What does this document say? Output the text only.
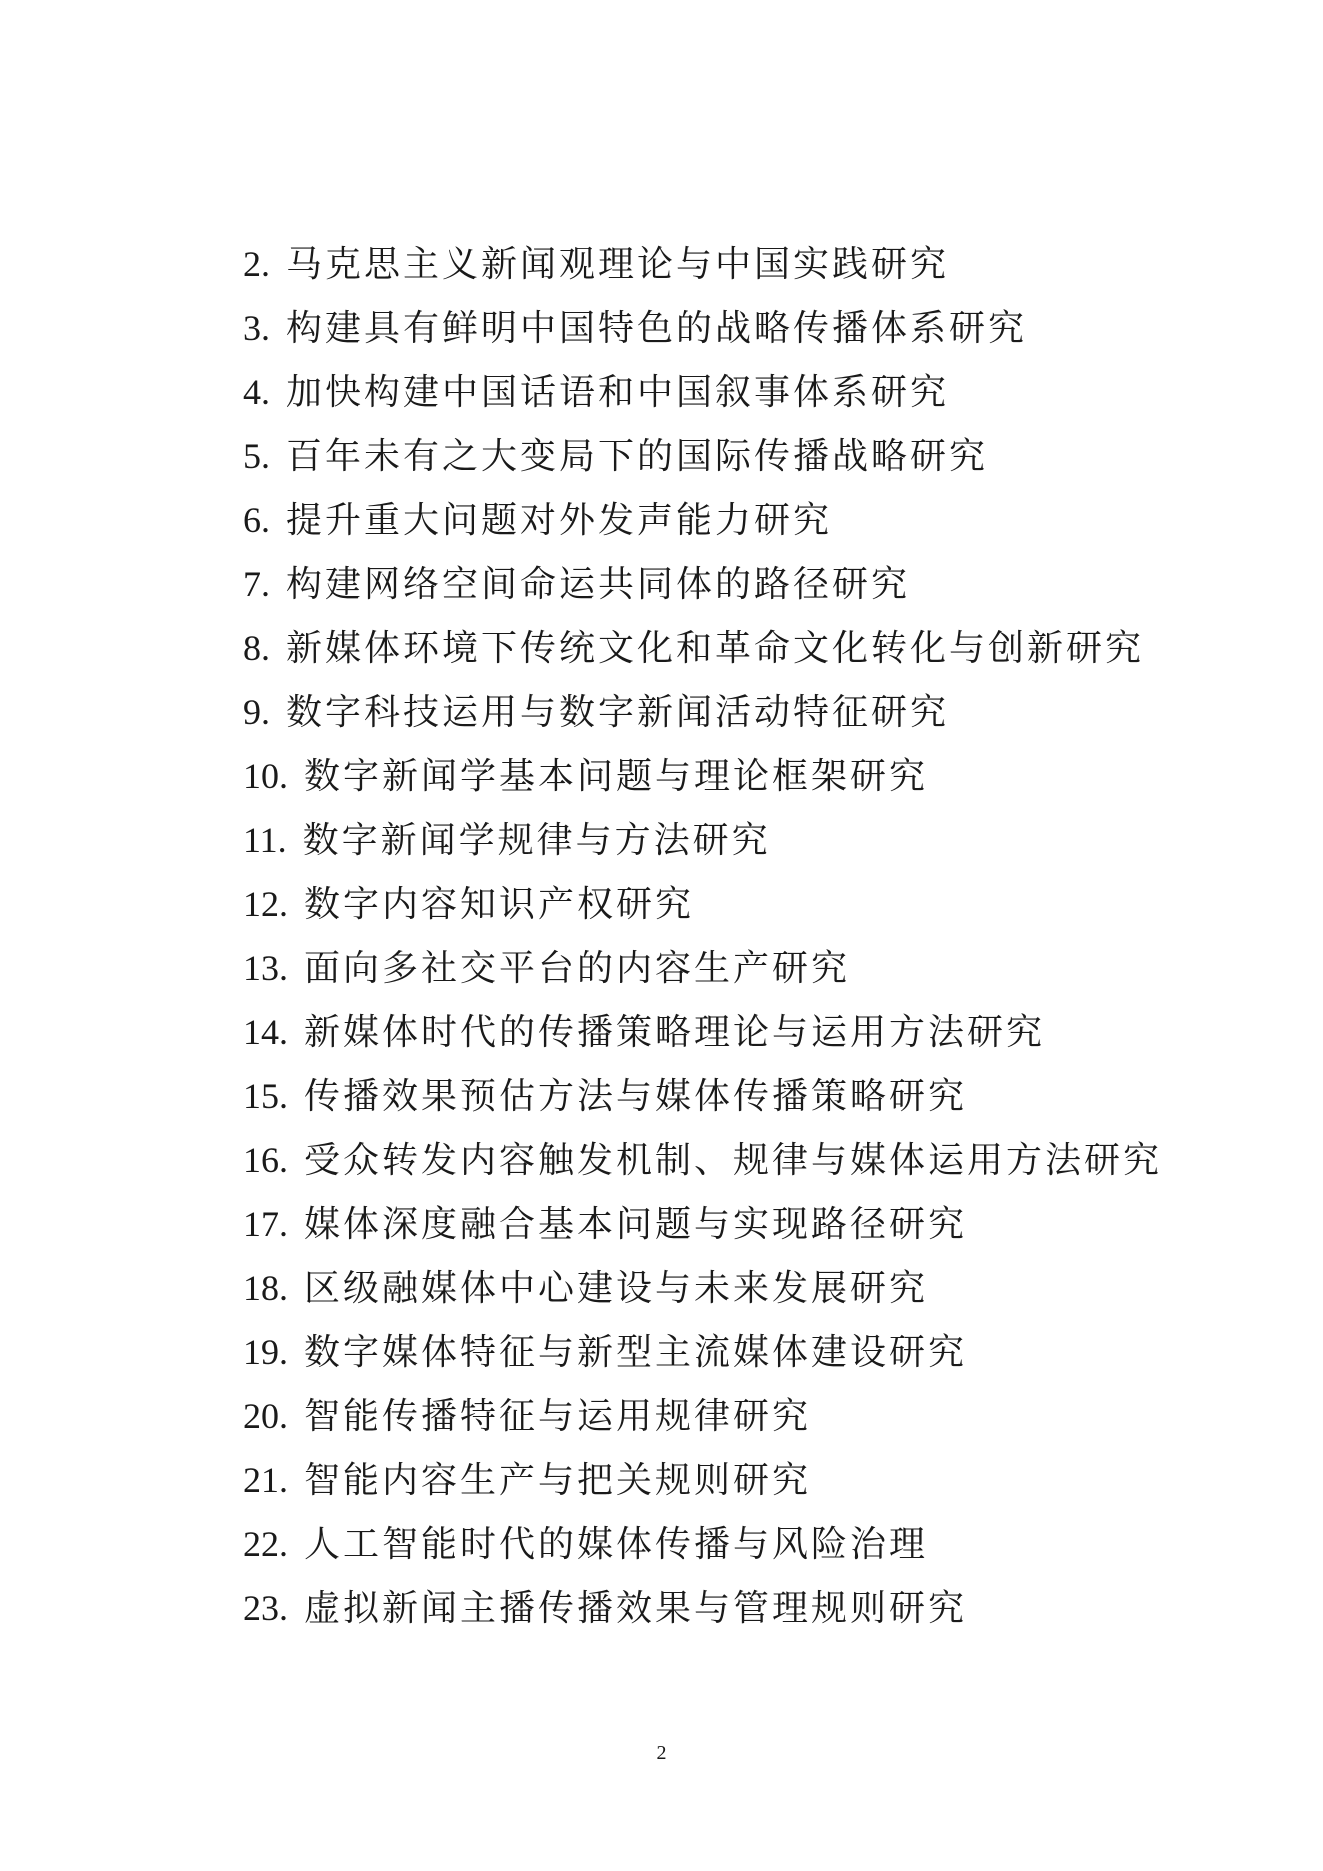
2. 马克思主义新闻观理论与中国实践研究
3. 构建具有鲜明中国特色的战略传播体系研究
4. 加快构建中国话语和中国叙事体系研究
5. 百年未有之大变局下的国际传播战略研究
6. 提升重大问题对外发声能力研究
7. 构建网络空间命运共同体的路径研究
8. 新媒体环境下传统文化和革命文化转化与创新研究
9. 数字科技运用与数字新闻活动特征研究
10. 数字新闻学基本问题与理论框架研究
11. 数字新闻学规律与方法研究
12. 数字内容知识产权研究
13. 面向多社交平台的内容生产研究
14. 新媒体时代的传播策略理论与运用方法研究
15. 传播效果预估方法与媒体传播策略研究
16. 受众转发内容触发机制、规律与媒体运用方法研究
17. 媒体深度融合基本问题与实现路径研究
18. 区级融媒体中心建设与未来发展研究
19. 数字媒体特征与新型主流媒体建设研究
20. 智能传播特征与运用规律研究
21. 智能内容生产与把关规则研究
22. 人工智能时代的媒体传播与风险治理
23. 虚拟新闻主播传播效果与管理规则研究
2
